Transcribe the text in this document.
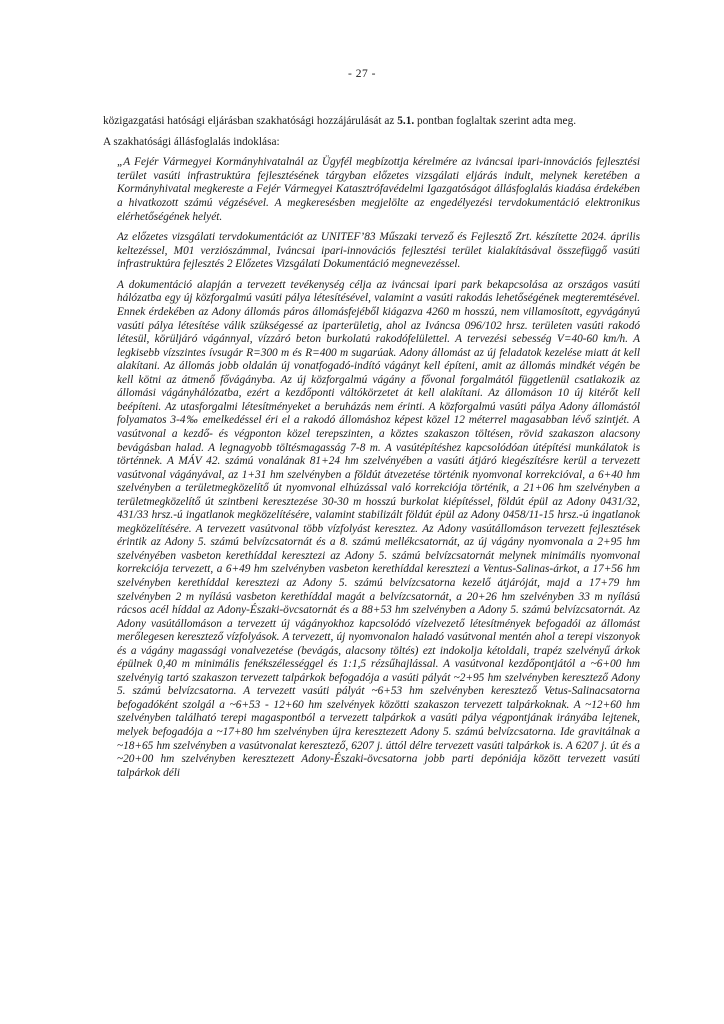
- 27 -

közigazgatási hatósági eljárásban szakhatósági hozzájárulását az 5.1. pontban foglaltak szerint adta meg.

A szakhatósági állásfoglalás indoklása:

„A Fejér Vármegyei Kormányhivatalnál az Ügyfél megbízottja kérelmére az iváncsai ipari-innovációs fejlesztési terület vasúti infrastruktúra fejlesztésének tárgyban előzetes vizsgálati eljárás indult, melynek keretében a Kormányhivatal megkereste a Fejér Vármegyei Katasztrófavédelmi Igazgatóságot állásfoglalás kiadása érdekében a hivatkozott számú végzésével. A megkeresésben megjelölte az engedélyezési tervdokumentáció elektronikus elérhetőségének helyét.

Az előzetes vizsgálati tervdokumentációt az UNITEF’83 Műszaki tervező és Fejlesztő Zrt. készítette 2024. április keltezéssel, M01 verziószámmal, Iváncsai ipari-innovációs fejlesztési terület kialakításával összefüggő vasúti infrastruktúra fejlesztés 2 Előzetes Vizsgálati Dokumentáció megnevezéssel.

A dokumentáció alapján a tervezett tevékenység célja az iváncsai ipari park bekapcsolása az országos vasúti hálózatba egy új közforgalmú vasúti pálya létesítésével, valamint a vasúti rakodás lehetőségének megteremtésével. Ennek érdekében az Adony állomás páros állomásfejéből kiágazva 4260 m hosszú, nem villamosított, egyvágányú vasúti pálya létesítése válik szükségessé az iparterületig, ahol az Iváncsa 096/102 hrsz. területen vasúti rakodó létesül, körüljáró vágánnyal, vízzáró beton burkolatú rakodófelülettel. A tervezési sebesség V=40-60 km/h. A legkisebb vízszintes ívsugár R=300 m és R=400 m sugarúak. Adony állomást az új feladatok kezelése miatt át kell alakítani. Az állomás jobb oldalán új vonatfogadó-indító vágányt kell építeni, amit az állomás mindkét végén be kell kötni az átmenő fővágányba. Az új közforgalmú vágány a fővonal forgalmától függetlenül csatlakozik az állomási vágányhálózatba, ezért a kezdőponti váltókörzetet át kell alakítani. Az állomáson 10 új kitérőt kell beépíteni. Az utasforgalmi létesítményeket a beruházás nem érinti. A közforgalmú vasúti pálya Adony állomástól folyamatos 3-4‰ emelkedéssel éri el a rakodó állomáshoz képest közel 12 méterrel magasabban lévő szintjét. A vasútvonal a kezdő- és végponton közel terepszinten, a köztes szakaszon töltésen, rövid szakaszon alacsony bevágásban halad. A legnagyobb töltésmagasság 7-8 m. A vasútépítéshez kapcsolódóan útépítési munkálatok is történnek. A MÁV 42. számú vonalának 81+24 hm szelvényében a vasúti átjáró kiegészítésre kerül a tervezett vasútvonal vágányával, az 1+31 hm szelvényben a földút átvezetése történik nyomvonal korrekcióval, a 6+40 hm szelvényben a területmegközelítő út nyomvonal elhúzással való korrekciója történik, a 21+06 hm szelvényben a területmegközelítő út szintbeni keresztezése 30-30 m hosszú burkolat kiépítéssel, földút épül az Adony 0431/32, 431/33 hrsz.-ú ingatlanok megközelítésére, valamint stabilizált földút épül az Adony 0458/11-15 hrsz.-ú ingatlanok megközelítésére. A tervezett vasútvonal több vízfolyást keresztez. Az Adony vasútállomáson tervezett fejlesztések érintik az Adony 5. számú belvízcsatornát és a 8. számú mellékcsatornát, az új vágány nyomvonala a 2+95 hm szelvényében vasbeton kerethíddal keresztezi az Adony 5. számú belvízcsatornát melynek minimális nyomvonal korrekciója tervezett, a 6+49 hm szelvényben vasbeton kerethíddal keresztezi a Ventus-Salinas-árkot, a 17+56 hm szelvényben kerethíddal keresztezi az Adony 5. számú belvízcsatorna kezelő átjáróját, majd a 17+79 hm szelvényben 2 m nyílású vasbeton kerethíddal magát a belvízcsatornát, a 20+26 hm szelvényben 33 m nyílású rácsos acél híddal az Adony-Északi-övcsatornát és a 88+53 hm szelvényben a Adony 5. számú belvízcsatornát. Az Adony vasútállomáson a tervezett új vágányokhoz kapcsolódó vízelvezető létesítmények befogadói az állomást merőlegesen keresztező vízfolyások. A tervezett, új nyomvonalon haladó vasútvonal mentén ahol a terepi viszonyok és a vágány magassági vonalvezetése (bevágás, alacsony töltés) ezt indokolja kétoldali, trapéz szelvényű árkok épülnek 0,40 m minimális fenékszélességgel és 1:1,5 rézsűhajlással. A vasútvonal kezdőpontjától a ~6+00 hm szelvényig tartó szakaszon tervezett talpárkok befogadója a vasúti pályát ~2+95 hm szelvényben keresztező Adony 5. számú belvízcsatorna. A tervezett vasúti pályát ~6+53 hm szelvényben keresztező Vetus-Salinacsatorna befogadóként szolgál a ~6+53 - 12+60 hm szelvények közötti szakaszon tervezett talpárkoknak. A ~12+60 hm szelvényben található terepi magaspontból a tervezett talpárkok a vasúti pálya végpontjának irányába lejtenek, melyek befogadója a ~17+80 hm szelvényben újra keresztezett Adony 5. számú belvízcsatorna. Ide gravitálnak a ~18+65 hm szelvényben a vasútvonalat keresztező, 6207 j. úttól délre tervezett vasúti talpárkok is. A 6207 j. út és a ~20+00 hm szelvényben keresztezett Adony-Északi-övcsatorna jobb parti depóniája között tervezett vasúti talpárkok déli
